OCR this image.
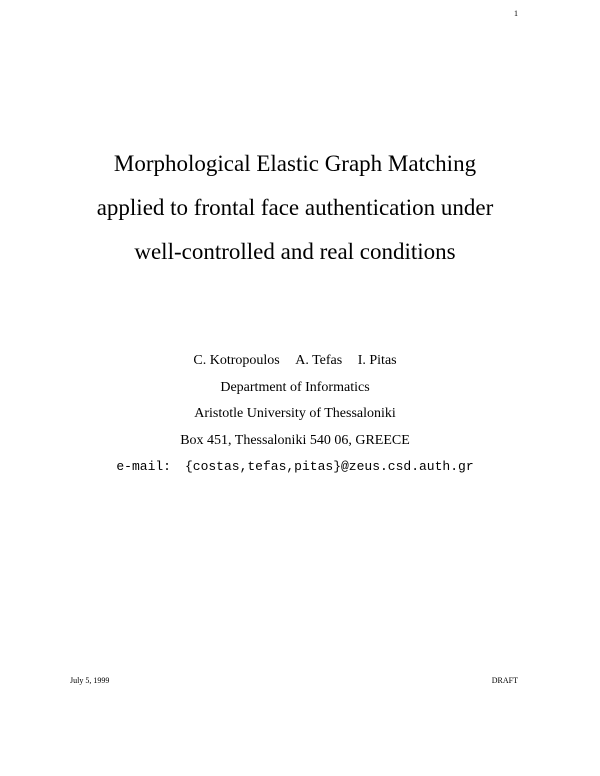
1
Morphological Elastic Graph Matching
applied to frontal face authentication under
well-controlled and real conditions
C. Kotropoulos A. Tefas I. Pitas
Department of Informatics
Aristotle University of Thessaloniki
Box 451, Thessaloniki 540 06, GREECE
e-mail: {costas,tefas,pitas}@zeus.csd.auth.gr
July 5, 1999	DRAFT
